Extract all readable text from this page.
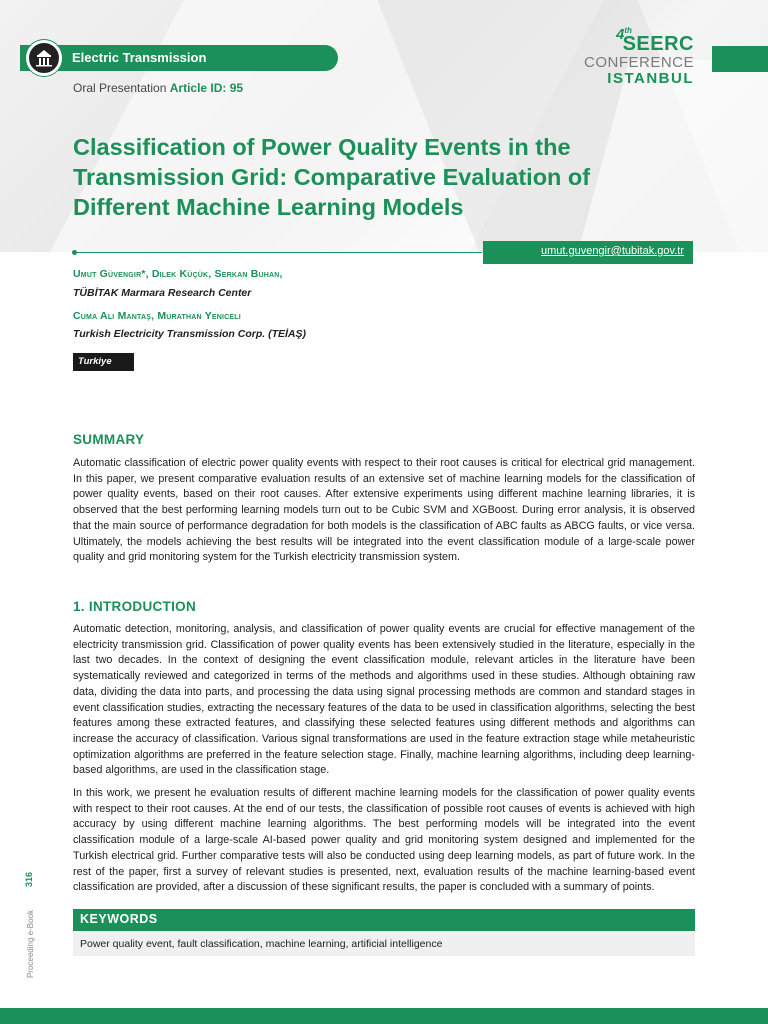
Electric Transmission
4th
SEERC
CONFERENCE
ISTANBUL
Oral Presentation Article ID: 95
Classification of Power Quality Events in the
Transmission Grid: Comparative Evaluation of
Different Machine Learning Models
umut.guvengir@tubitak.gov.tr
Umut Güvengir*, Dilek Küçük, Serkan Buhan,
TÜBİTAK Marmara Research Center
Cuma Ali Mantaş, Murathan Yeniceli
Turkish Electricity Transmission Corp. (TEİAŞ)
Turkiye
SUMMARY
Automatic classification of electric power quality events with respect to their root causes is critical for electrical grid management. In this paper, we present comparative evaluation results of an extensive set of machine learning models for the classification of power quality events, based on their root causes. After extensive experiments using different machine learning libraries, it is observed that the best performing learning models turn out to be Cubic SVM and XGBoost. During error analysis, it is observed that the main source of performance degradation for both models is the classification of ABC faults as ABCG faults, or vice versa. Ultimately, the models achieving the best results will be integrated into the event classification module of a large-scale power quality and grid monitoring system for the Turkish electricity transmission system.
1. INTRODUCTION
Automatic detection, monitoring, analysis, and classification of power quality events are crucial for effective management of the electricity transmission grid. Classification of power quality events has been extensively studied in the literature, especially in the last two decades. In the context of designing the event classification module, relevant articles in the literature have been systematically reviewed and categorized in terms of the methods and algorithms used in these studies. Although obtaining raw data, dividing the data into parts, and processing the data using signal processing methods are common and standard stages in event classification studies, extracting the necessary features of the data to be used in classification algorithms, selecting the best features among these extracted features, and classifying these selected features using different methods and algorithms can increase the accuracy of classification. Various signal transformations are used in the feature extraction stage while metaheuristic optimization algorithms are preferred in the feature selection stage. Finally, machine learning algorithms, including deep learning-based algorithms, are used in the classification stage.
In this work, we present he evaluation results of different machine learning models for the classification of power quality events with respect to their root causes. At the end of our tests, the classification of possible root causes of events is achieved with high accuracy by using different machine learning algorithms. The best performing models will be integrated into the event classification module of a large-scale AI-based power quality and grid monitoring system designed and implemented for the Turkish electrical grid. Further comparative tests will also be conducted using deep learning models, as part of future work. In the rest of the paper, first a survey of relevant studies is presented, next, evaluation results of the machine learning-based event classification are provided, after a discussion of these significant results, the paper is concluded with a summary of points.
KEYWORDS
Power quality event, fault classification, machine learning, artificial intelligence
316
Proceeding e-Book
